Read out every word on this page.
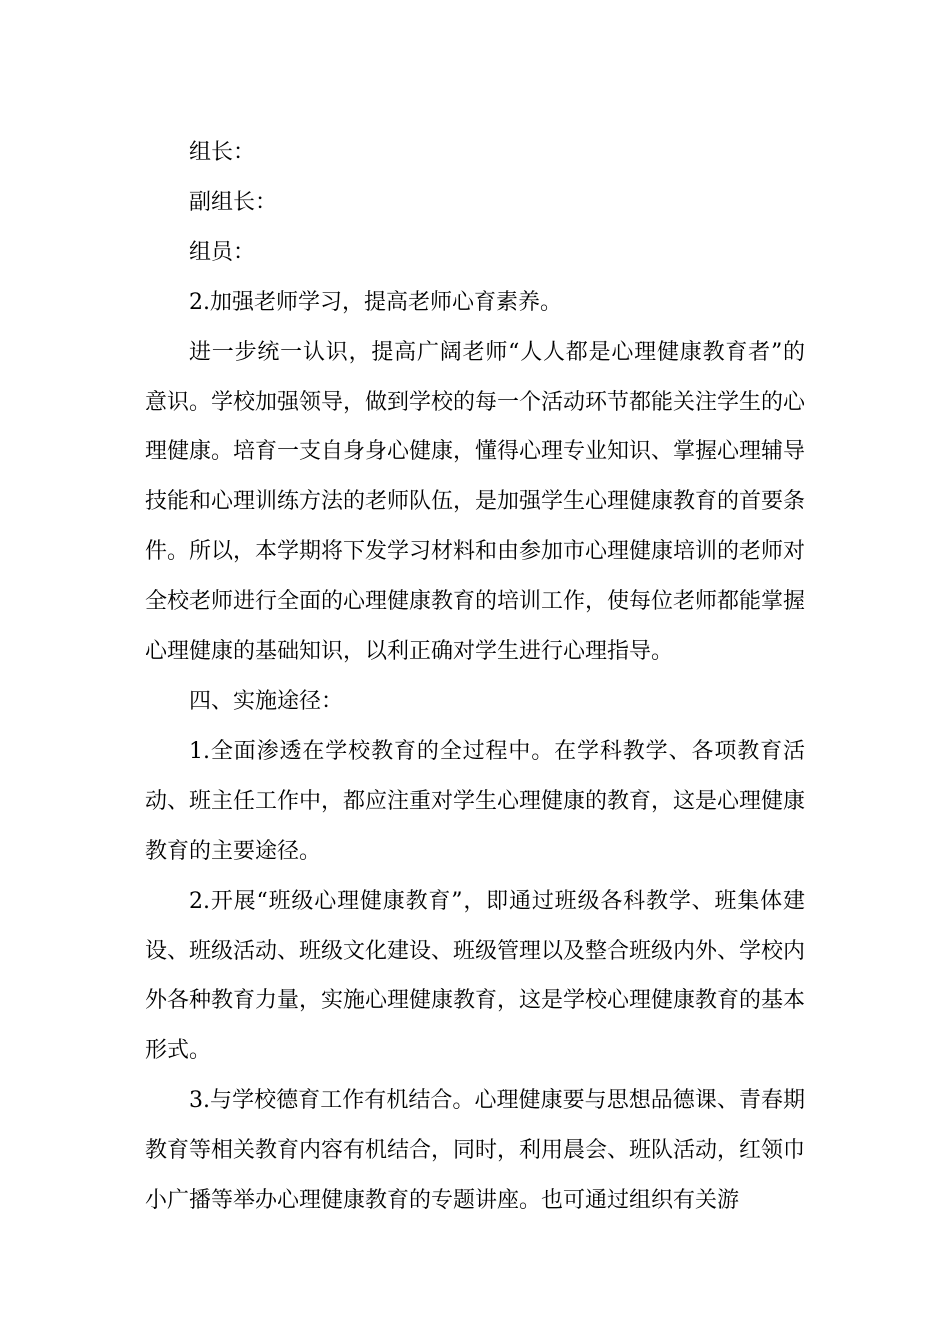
组长：

副组长：

组员：

2.加强老师学习，提高老师心育素养。

进一步统一认识，提高广阔老师“人人都是心理健康教育者”的意识。学校加强领导，做到学校的每一个活动环节都能关注学生的心理健康。培育一支自身身心健康，懂得心理专业知识、掌握心理辅导技能和心理训练方法的老师队伍，是加强学生心理健康教育的首要条件。所以，本学期将下发学习材料和由参加市心理健康培训的老师对全校老师进行全面的心理健康教育的培训工作，使每位老师都能掌握心理健康的基础知识，以利正确对学生进行心理指导。

四、实施途径：

1.全面渗透在学校教育的全过程中。在学科教学、各项教育活动、班主任工作中，都应注重对学生心理健康的教育，这是心理健康教育的主要途径。

2.开展“班级心理健康教育”，即通过班级各科教学、班集体建设、班级活动、班级文化建设、班级管理以及整合班级内外、学校内外各种教育力量，实施心理健康教育，这是学校心理健康教育的基本形式。

3.与学校德育工作有机结合。心理健康要与思想品德课、青春期教育等相关教育内容有机结合，同时，利用晨会、班队活动，红领巾小广播等举办心理健康教育的专题讲座。也可通过组织有关游
